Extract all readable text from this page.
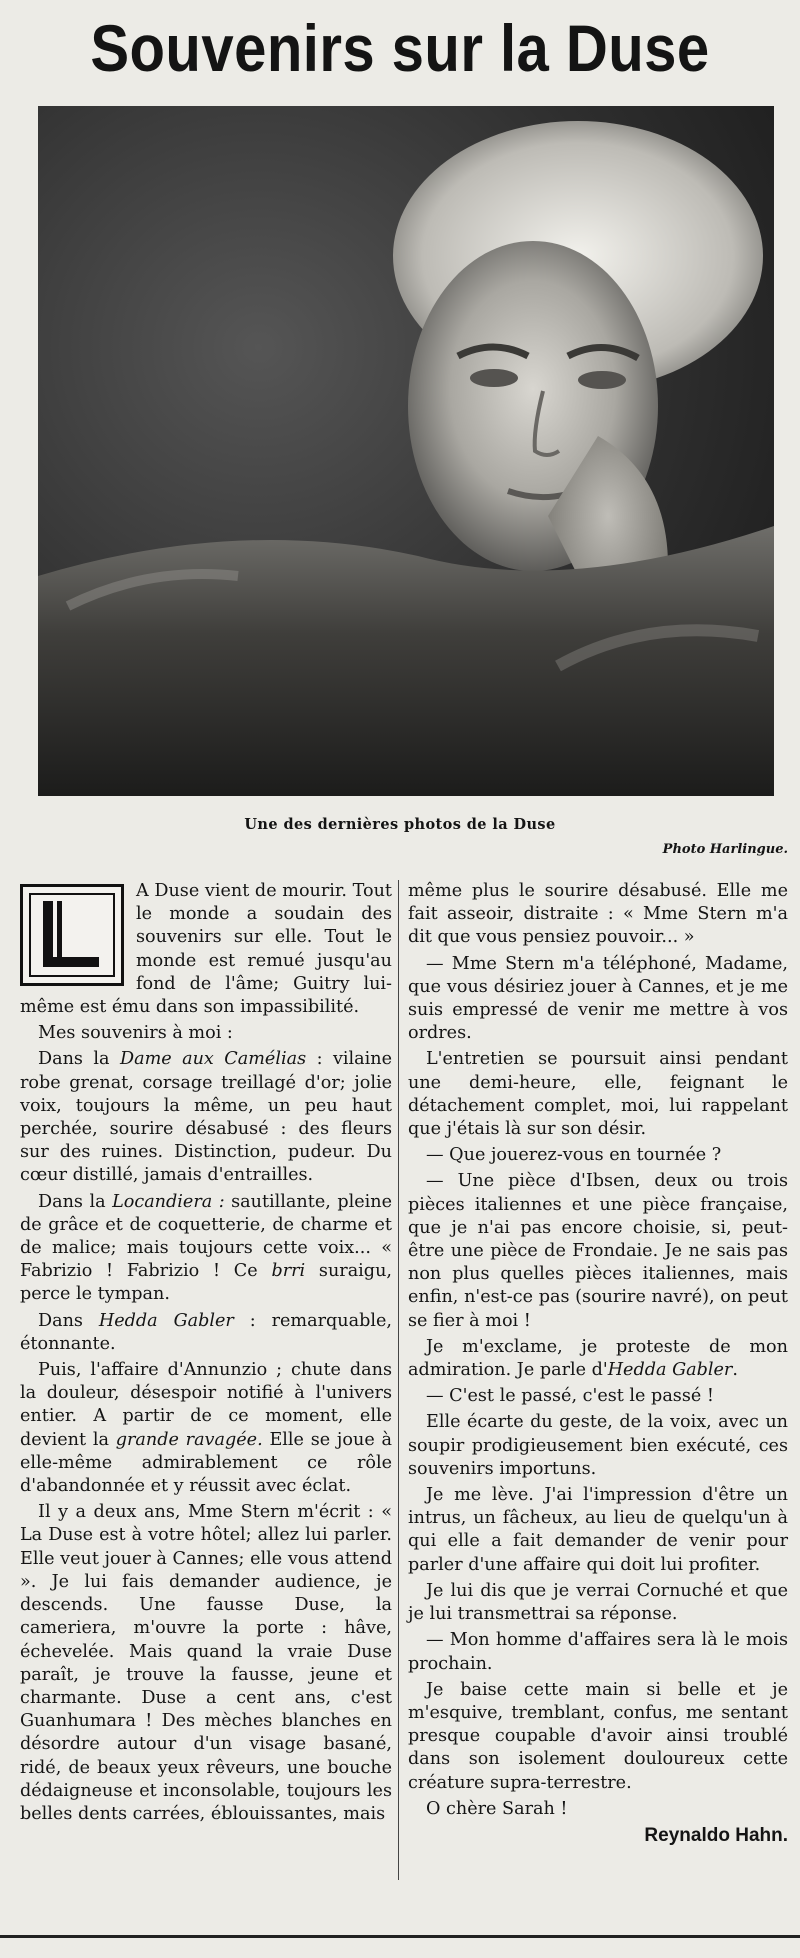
Souvenirs sur la Duse
Une des dernières photos de la Duse
Photo Harlingue.

A Duse vient de mourir. Tout le monde a soudain des souvenirs sur elle. Tout le monde est remué jusqu'au fond de l'âme; Guitry lui-même est ému dans son impassibilité.

Mes souvenirs à moi :

Dans la Dame aux Camélias : vilaine robe grenat, corsage treillagé d'or; jolie voix, toujours la même, un peu haut perchée, sourire désabusé : des fleurs sur des ruines. Distinction, pudeur. Du cœur distillé, jamais d'entrailles.

Dans la Locandiera : sautillante, pleine de grâce et de coquetterie, de charme et de malice; mais toujours cette voix... « Fabrizio ! Fabrizio ! Ce brri suraigu, perce le tympan.

Dans Hedda Gabler : remarquable, étonnante.

Puis, l'affaire d'Annunzio ; chute dans la douleur, désespoir notifié à l'univers entier. A partir de ce moment, elle devient la grande ravagée. Elle se joue à elle-même admirablement ce rôle d'abandonnée et y réussit avec éclat.

Il y a deux ans, Mme Stern m'écrit : « La Duse est à votre hôtel; allez lui parler. Elle veut jouer à Cannes; elle vous attend ». Je lui fais demander audience, je descends. Une fausse Duse, la cameriera, m'ouvre la porte : hâve, échevelée. Mais quand la vraie Duse paraît, je trouve la fausse, jeune et charmante. Duse a cent ans, c'est Guanhumara ! Des mèches blanches en désordre autour d'un visage basané, ridé, de beaux yeux rêveurs, une bouche dédaigneuse et inconsolable, toujours les belles dents carrées, éblouissantes, mais

même plus le sourire désabusé. Elle me fait asseoir, distraite : « Mme Stern m'a dit que vous pensiez pouvoir... »

— Mme Stern m'a téléphoné, Madame, que vous désiriez jouer à Cannes, et je me suis empressé de venir me mettre à vos ordres.

L'entretien se poursuit ainsi pendant une demi-heure, elle, feignant le détachement complet, moi, lui rappelant que j'étais là sur son désir.

— Que jouerez-vous en tournée ?

— Une pièce d'Ibsen, deux ou trois pièces italiennes et une pièce française, que je n'ai pas encore choisie, si, peut-être une pièce de Frondaie. Je ne sais pas non plus quelles pièces italiennes, mais enfin, n'est-ce pas (sourire navré), on peut se fier à moi !

Je m'exclame, je proteste de mon admiration. Je parle d'Hedda Gabler.

— C'est le passé, c'est le passé !

Elle écarte du geste, de la voix, avec un soupir prodigieusement bien exécuté, ces souvenirs importuns.

Je me lève. J'ai l'impression d'être un intrus, un fâcheux, au lieu de quelqu'un à qui elle a fait demander de venir pour parler d'une affaire qui doit lui profiter.

Je lui dis que je verrai Cornuché et que je lui transmettrai sa réponse.

— Mon homme d'affaires sera là le mois prochain.

Je baise cette main si belle et je m'esquive, tremblant, confus, me sentant presque coupable d'avoir ainsi troublé dans son isolement douloureux cette créature supra-terrestre.

O chère Sarah !

Reynaldo Hahn.
